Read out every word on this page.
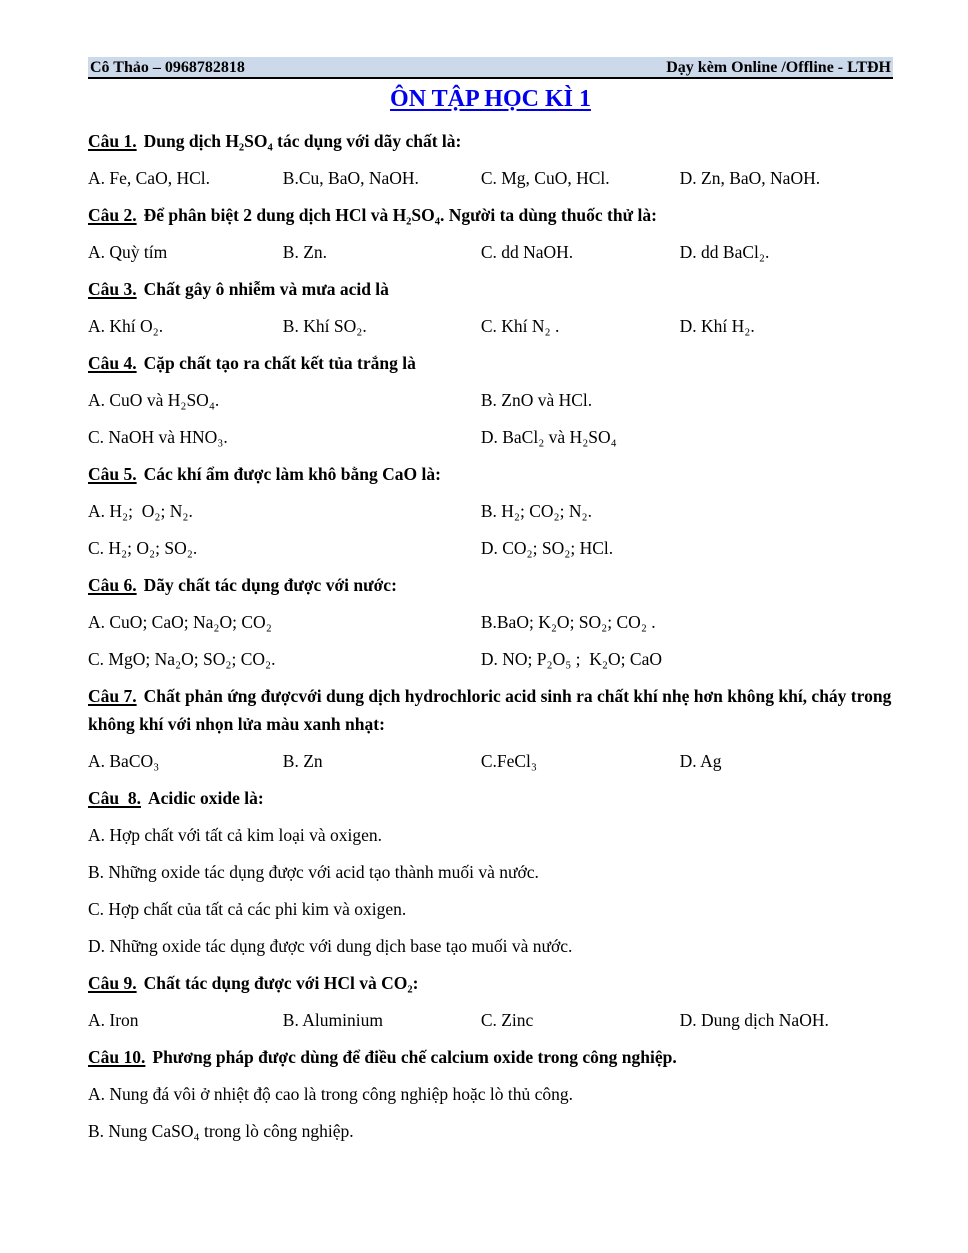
Cô Thảo – 0968782818	Dạy kèm Online /Offline - LTĐH
ÔN TẬP HỌC KÌ 1

Câu 1. Dung dịch H₂SO₄ tác dụng với dãy chất là:

A. Fe, CaO, HCl.	B.Cu, BaO, NaOH.	C. Mg, CuO, HCl.	D. Zn, BaO, NaOH.

Câu 2. Để phân biệt 2 dung dịch HCl và H₂SO₄. Người ta dùng thuốc thử là:

A. Quỳ tím	B. Zn.	C. dd NaOH.	D. dd BaCl₂.

Câu 3. Chất gây ô nhiễm và mưa acid là

A. Khí O₂.	B. Khí SO₂.	C. Khí N₂ .	D. Khí H₂.

Câu 4. Cặp chất tạo ra chất kết tủa trắng là

A. CuO và H₂SO₄.	B. ZnO và HCl.
C. NaOH và HNO₃.	D. BaCl₂ và H₂SO₄

Câu 5. Các khí ẩm được làm khô bằng CaO là:

A. H₂;  O₂; N₂.	B. H₂; CO₂; N₂.
C. H₂; O₂; SO₂.	D. CO₂; SO₂; HCl.

Câu 6. Dãy chất tác dụng được với nước:

A. CuO; CaO; Na₂O; CO₂	B.BaO; K₂O; SO₂; CO₂ .
C. MgO; Na₂O; SO₂; CO₂.	D. NO; P₂O₅ ;  K₂O; CaO

Câu 7. Chất phản ứng đượcvới dung dịch hydrochloric acid sinh ra chất khí nhẹ hơn không khí, cháy trong không khí với nhọn lửa màu xanh nhạt:

A. BaCO₃	B. Zn	C.FeCl₃	D. Ag

Câu  8. Acidic oxide là:

A. Hợp chất với tất cả kim loại và oxigen.
B. Những oxide tác dụng được với acid tạo thành muối và nước.
C. Hợp chất của tất cả các phi kim và oxigen.
D. Những oxide tác dụng được với dung dịch base tạo muối và nước.

Câu 9. Chất tác dụng được với HCl và CO₂:

A. Iron	B. Aluminium	C. Zinc	D. Dung dịch NaOH.

Câu 10. Phương pháp được dùng để điều chế calcium oxide trong công nghiệp.

A. Nung đá vôi ở nhiệt độ cao là trong công nghiệp hoặc lò thủ công.
B. Nung CaSO₄ trong lò công nghiệp.
